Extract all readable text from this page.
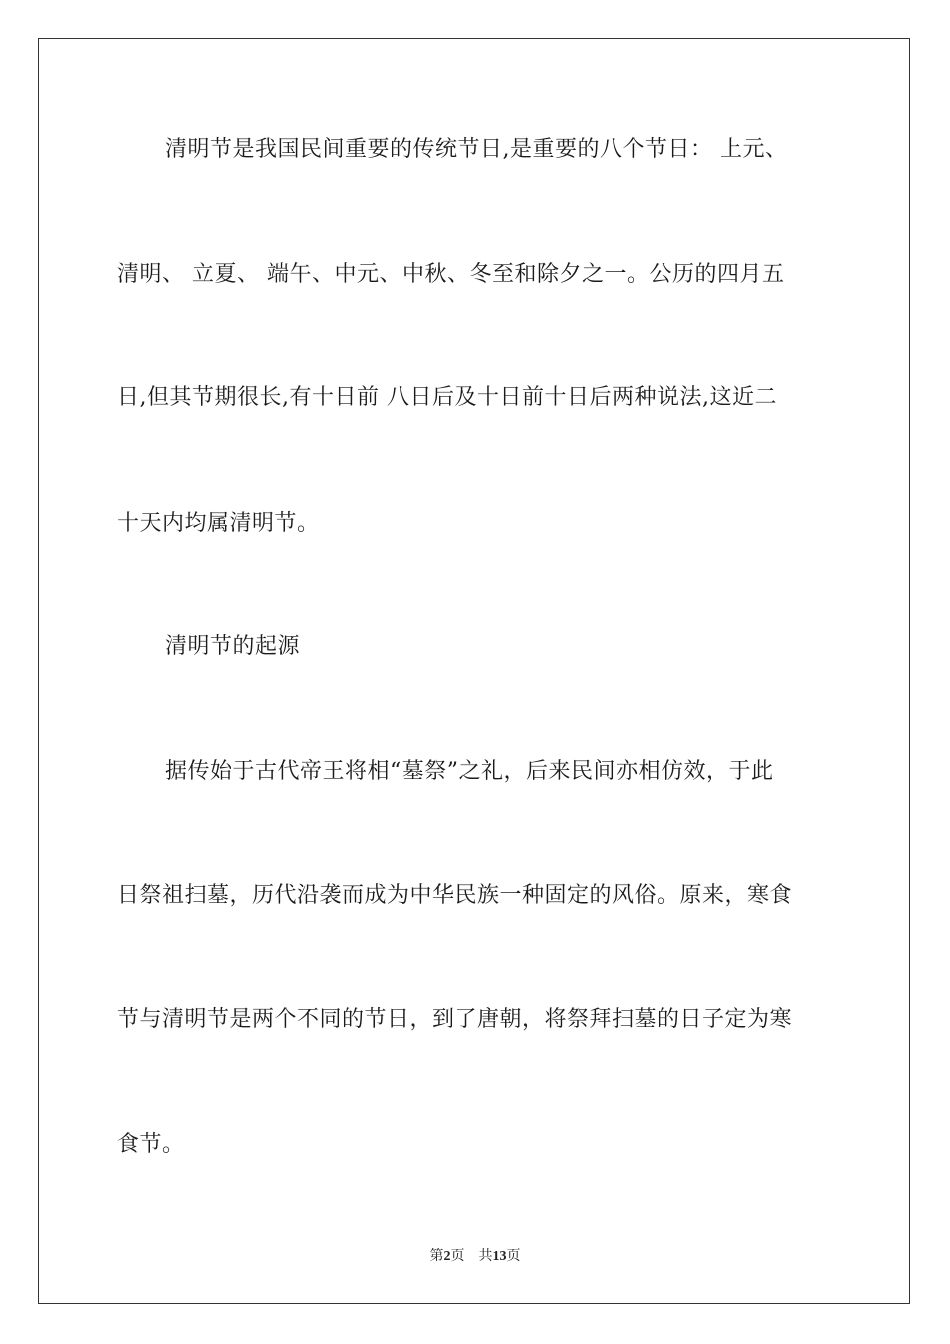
清明节是我国民间重要的传统节日,是重要的八个节日： 上元、
清明、 立夏、 端午、中元、中秋、冬至和除夕之一。公历的四月五
日,但其节期很长,有十日前 八日后及十日前十日后两种说法,这近二
十天内均属清明节。
清明节的起源
据传始于古代帝王将相“墓祭”之礼，后来民间亦相仿效，于此
日祭祖扫墓，历代沿袭而成为中华民族一种固定的风俗。原来，寒食
节与清明节是两个不同的节日，到了唐朝，将祭拜扫墓的日子定为寒
食节。
第2页 共13页
